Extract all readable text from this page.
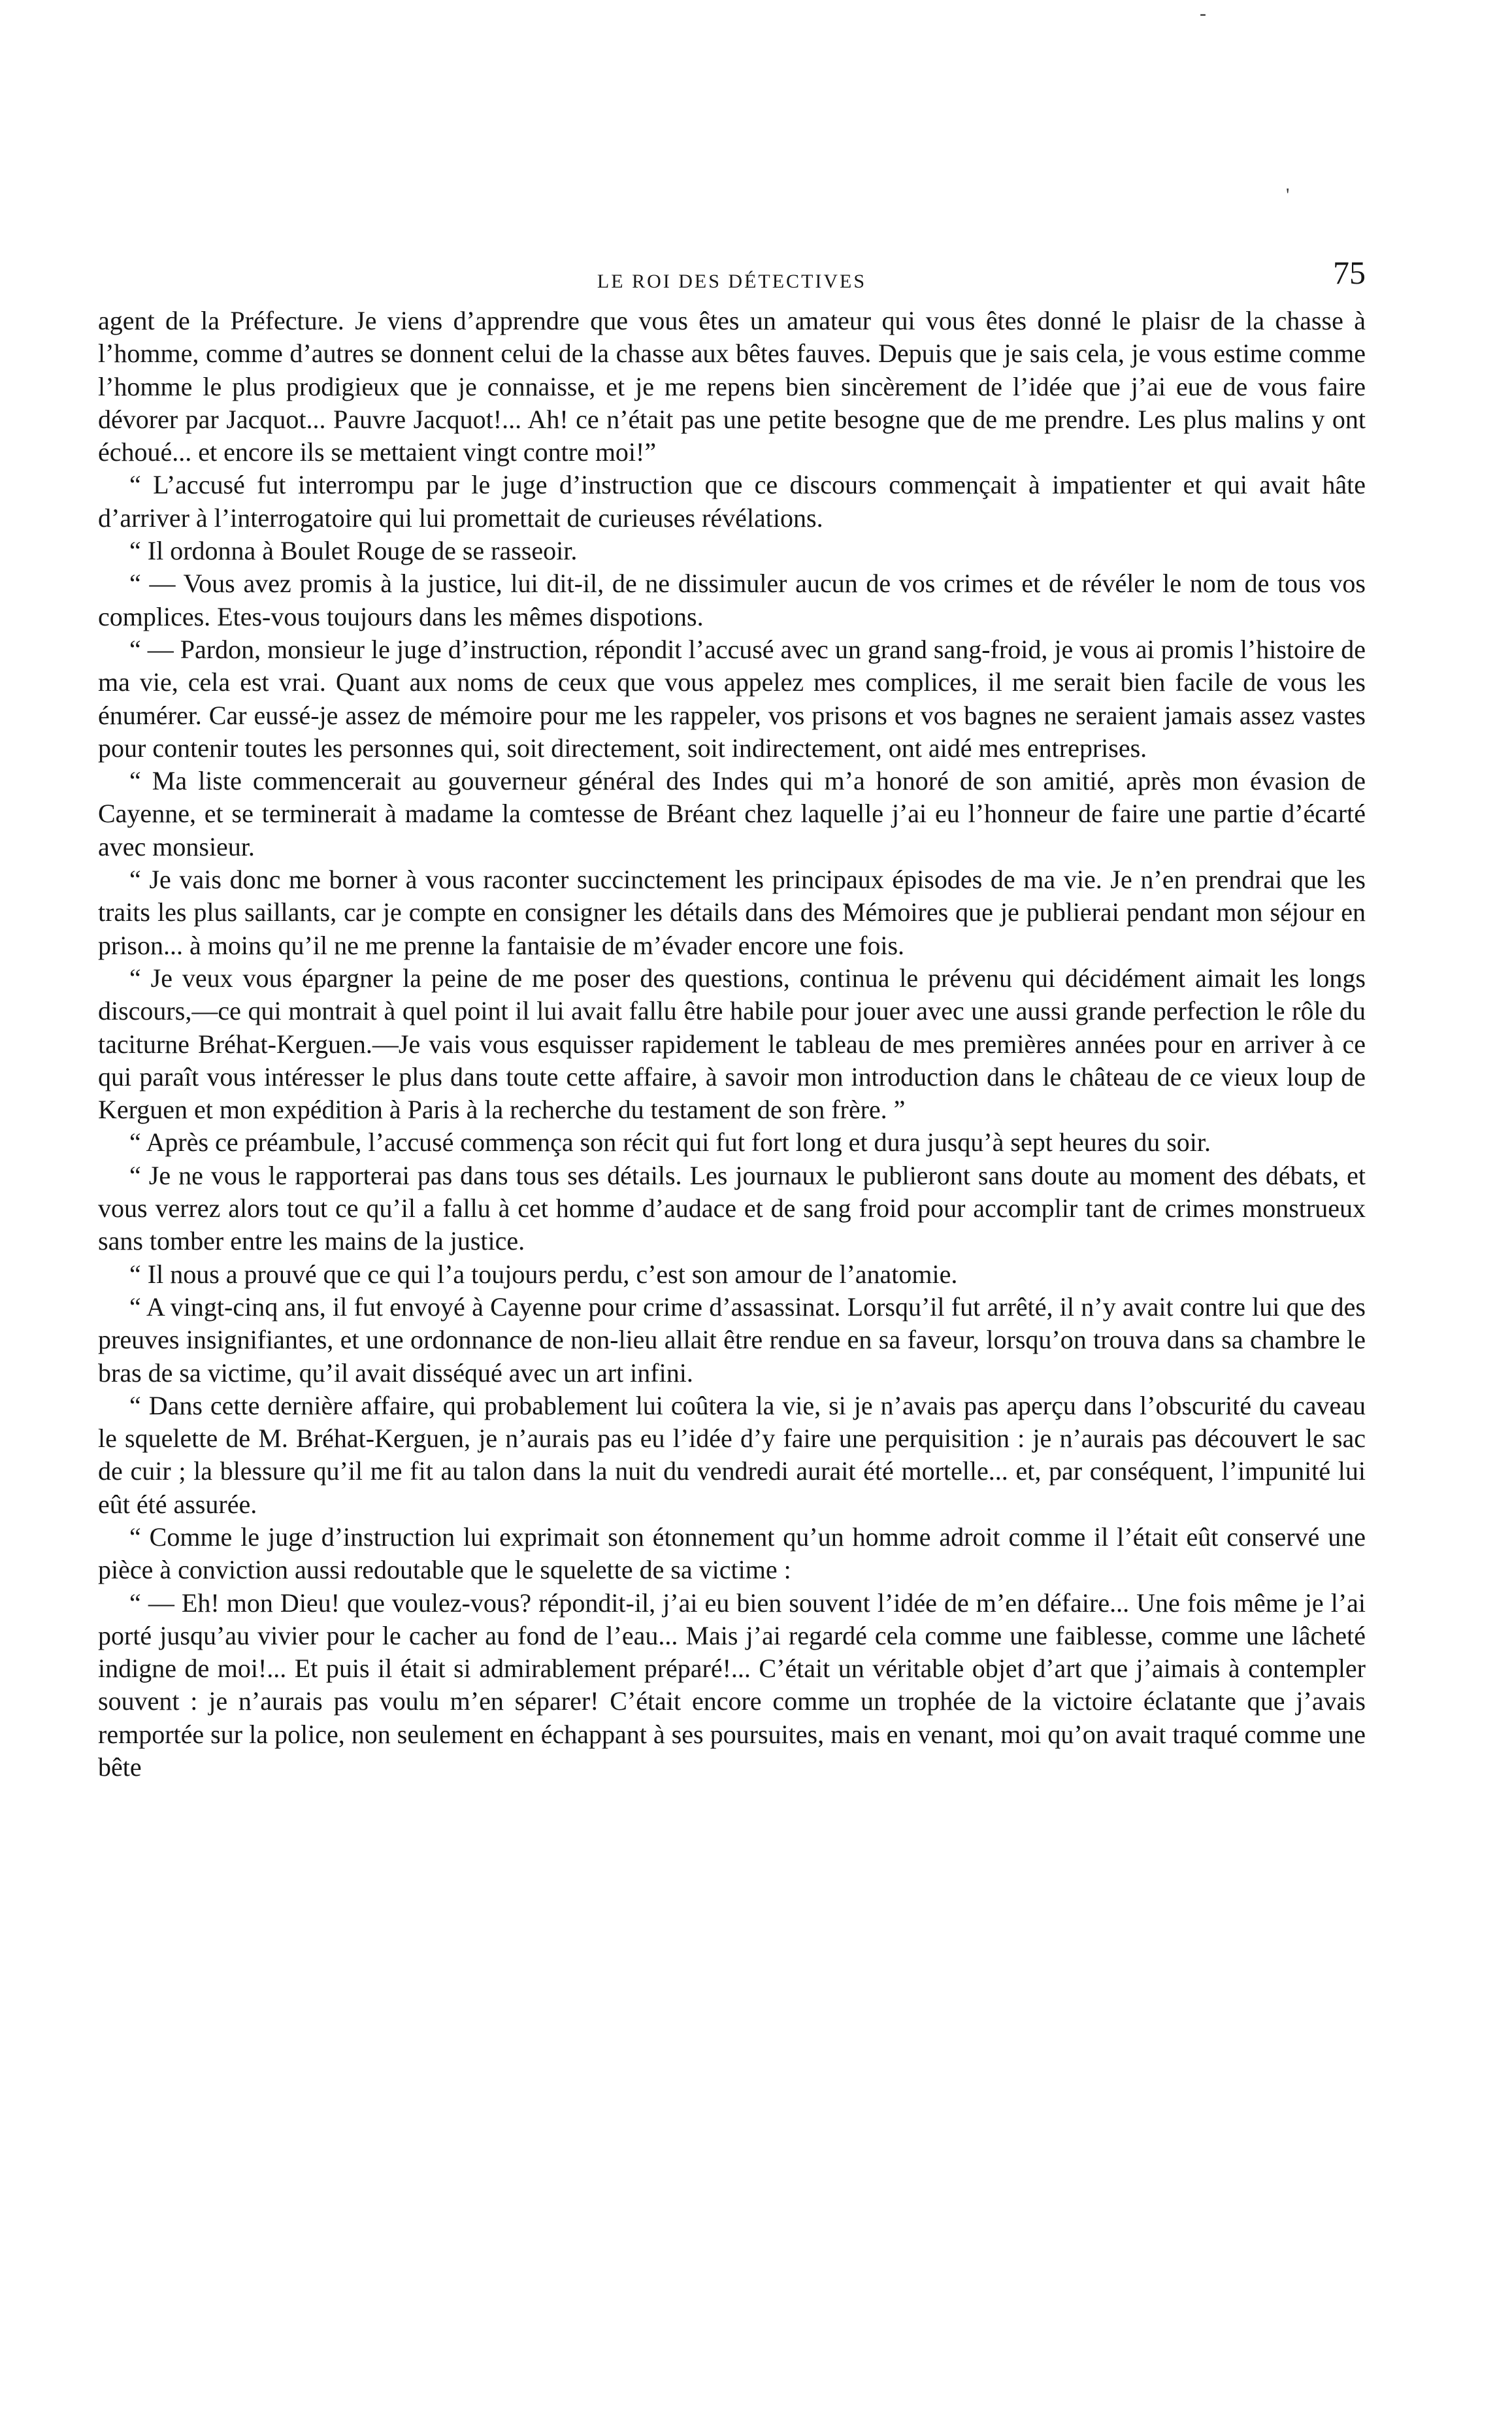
-
'
LE ROI DES DÉTECTIVES	75

agent de la Préfecture. Je viens d’apprendre que vous êtes un amateur qui vous êtes donné le plaisr de la chasse à l’homme, comme d’autres se donnent celui de la chasse aux bêtes fauves. Depuis que je sais cela, je vous estime comme l’homme le plus prodigieux que je connaisse, et je me repens bien sincèrement de l’idée que j’ai eue de vous faire dévorer par Jacquot... Pauvre Jacquot!... Ah! ce n’était pas une petite besogne que de me prendre. Les plus malins y ont échoué... et encore ils se mettaient vingt contre moi!”

“ L’accusé fut interrompu par le juge d’instruction que ce discours commençait à impatienter et qui avait hâte d’arriver à l’interrogatoire qui lui promettait de curieuses révélations.

“ Il ordonna à Boulet Rouge de se rasseoir.

“ — Vous avez promis à la justice, lui dit-il, de ne dissimuler aucun de vos crimes et de révéler le nom de tous vos complices. Etes-vous toujours dans les mêmes dispotions.

“ — Pardon, monsieur le juge d’instruction, répondit l’accusé avec un grand sang-froid, je vous ai promis l’histoire de ma vie, cela est vrai. Quant aux noms de ceux que vous appelez mes complices, il me serait bien facile de vous les énumérer. Car eussé-je assez de mémoire pour me les rappeler, vos prisons et vos bagnes ne seraient jamais assez vastes pour contenir toutes les personnes qui, soit directement, soit indirectement, ont aidé mes entreprises.

“ Ma liste commencerait au gouverneur général des Indes qui m’a honoré de son amitié, après mon évasion de Cayenne, et se terminerait à madame la comtesse de Bréant chez laquelle j’ai eu l’honneur de faire une partie d’écarté avec monsieur.

“ Je vais donc me borner à vous raconter succinctement les principaux épisodes de ma vie. Je n’en prendrai que les traits les plus saillants, car je compte en consigner les détails dans des Mémoires que je publierai pendant mon séjour en prison... à moins qu’il ne me prenne la fantaisie de m’évader encore une fois.

“ Je veux vous épargner la peine de me poser des questions, continua le prévenu qui décidément aimait les longs discours,—ce qui montrait à quel point il lui avait fallu être habile pour jouer avec une aussi grande perfection le rôle du taciturne Bréhat-Kerguen.—Je vais vous esquisser rapidement le tableau de mes premières années pour en arriver à ce qui paraît vous intéresser le plus dans toute cette affaire, à savoir mon introduction dans le château de ce vieux loup de Kerguen et mon expédition à Paris à la recherche du testament de son frère. ”

“ Après ce préambule, l’accusé commença son récit qui fut fort long et dura jusqu’à sept heures du soir.

“ Je ne vous le rapporterai pas dans tous ses détails. Les journaux le publieront sans doute au moment des débats, et vous verrez alors tout ce qu’il a fallu à cet homme d’audace et de sang froid pour accomplir tant de crimes monstrueux sans tomber entre les mains de la justice.

“ Il nous a prouvé que ce qui l’a toujours perdu, c’est son amour de l’anatomie.

“ A vingt-cinq ans, il fut envoyé à Cayenne pour crime d’assassinat. Lorsqu’il fut arrêté, il n’y avait contre lui que des preuves insignifiantes, et une ordonnance de non-lieu allait être rendue en sa faveur, lorsqu’on trouva dans sa chambre le bras de sa victime, qu’il avait disséqué avec un art infini.

“ Dans cette dernière affaire, qui probablement lui coûtera la vie, si je n’avais pas aperçu dans l’obscurité du caveau le squelette de M. Bréhat-Kerguen, je n’aurais pas eu l’idée d’y faire une perquisition : je n’aurais pas découvert le sac de cuir ; la blessure qu’il me fit au talon dans la nuit du vendredi aurait été mortelle... et, par conséquent, l’impunité lui eût été assurée.

“ Comme le juge d’instruction lui exprimait son étonnement qu’un homme adroit comme il l’était eût conservé une pièce à conviction aussi redoutable que le squelette de sa victime :

“ — Eh! mon Dieu! que voulez-vous? répondit-il, j’ai eu bien souvent l’idée de m’en défaire... Une fois même je l’ai porté jusqu’au vivier pour le cacher au fond de l’eau... Mais j’ai regardé cela comme une faiblesse, comme une lâcheté indigne de moi!... Et puis il était si admirablement préparé!... C’était un véritable objet d’art que j’aimais à contempler souvent : je n’aurais pas voulu m’en séparer! C’était encore comme un trophée de la victoire éclatante que j’avais remportée sur la police, non seulement en échappant à ses poursuites, mais en venant, moi qu’on avait traqué comme une bête
